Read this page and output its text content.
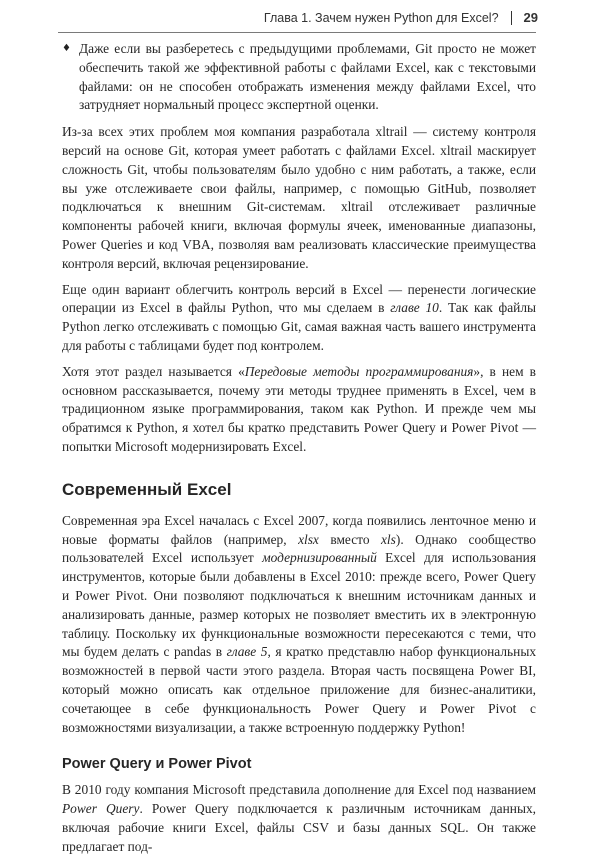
Глава 1. Зачем нужен Python для Excel? 29
♦ Даже если вы разберетесь с предыдущими проблемами, Git просто не может обеспечить такой же эффективной работы с файлами Excel, как с текстовыми файлами: он не способен отображать изменения между файлами Excel, что затрудняет нормальный процесс экспертной оценки.

Из-за всех этих проблем моя компания разработала xltrail — систему контроля версий на основе Git, которая умеет работать с файлами Excel. xltrail маскирует сложность Git, чтобы пользователям было удобно с ним работать, а также, если вы уже отслеживаете свои файлы, например, с помощью GitHub, позволяет подключаться к внешним Git-системам. xltrail отслеживает различные компоненты рабочей книги, включая формулы ячеек, именованные диапазоны, Power Queries и код VBA, позволяя вам реализовать классические преимущества контроля версий, включая рецензирование.

Еще один вариант облегчить контроль версий в Excel — перенести логические операции из Excel в файлы Python, что мы сделаем в главе 10. Так как файлы Python легко отслеживать с помощью Git, самая важная часть вашего инструмента для работы с таблицами будет под контролем.

Хотя этот раздел называется «Передовые методы программирования», в нем в основном рассказывается, почему эти методы труднее применять в Excel, чем в традиционном языке программирования, таком как Python. И прежде чем мы обратимся к Python, я хотел бы кратко представить Power Query и Power Pivot — попытки Microsoft модернизировать Excel.

Современный Excel

Современная эра Excel началась с Excel 2007, когда появились ленточное меню и новые форматы файлов (например, xlsx вместо xls). Однако сообщество пользователей Excel использует модернизированный Excel для использования инструментов, которые были добавлены в Excel 2010: прежде всего, Power Query и Power Pivot. Они позволяют подключаться к внешним источникам данных и анализировать данные, размер которых не позволяет вместить их в электронную таблицу. Поскольку их функциональные возможности пересекаются с теми, что мы будем делать с pandas в главе 5, я кратко представлю набор функциональных возможностей в первой части этого раздела. Вторая часть посвящена Power BI, который можно описать как отдельное приложение для бизнес-аналитики, сочетающее в себе функциональность Power Query и Power Pivot с возможностями визуализации, а также встроенную поддержку Python!

Power Query и Power Pivot

В 2010 году компания Microsoft представила дополнение для Excel под названием Power Query. Power Query подключается к различным источникам данных, включая рабочие книги Excel, файлы CSV и базы данных SQL. Он также предлагает под-
